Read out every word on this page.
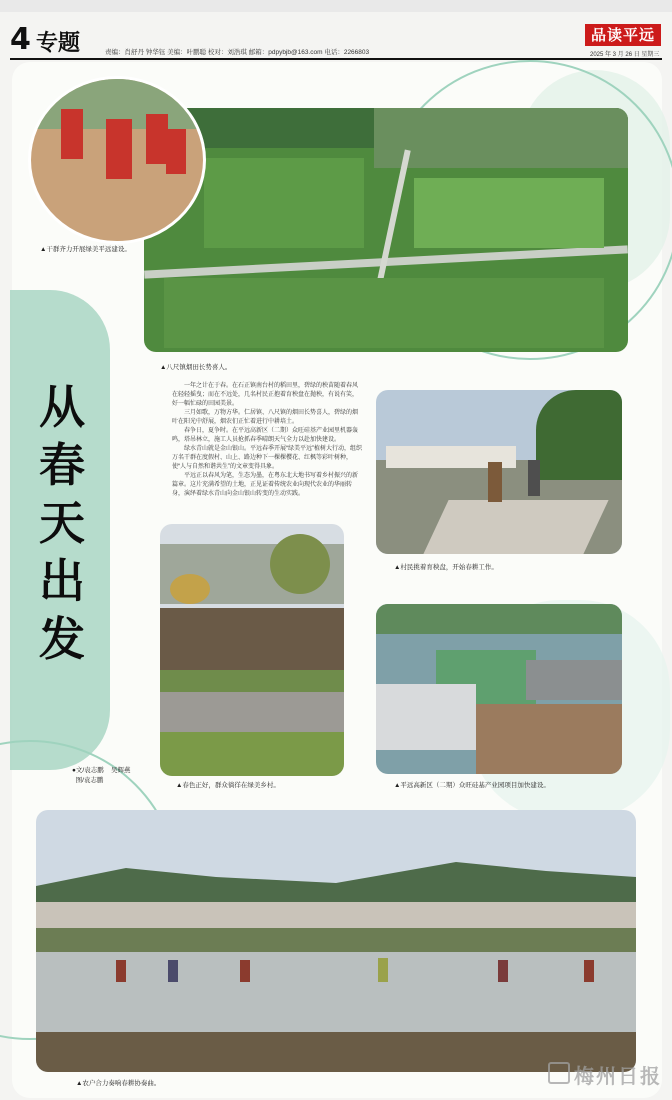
4 专题	责编：肖舒丹 钟华钰 美编：叶鹏聪 校对：刘浩琪 邮箱：pdpybjb@163.com 电话：2266803
品读平远
2025 年 3 月 26 日 星期三
▲干群齐力开展绿美平远建设。
▲八尺镇烟田长势喜人。
从
春
天
出
发

一年之计在于春。在石正镇南台村的稻田里，碧绿的秧苗随着春风在轻轻摇曳；而在不远处，几名村民正抱着育秧盘在抛秧，有说有笑，好一幅忙碌的田园美景。

三月如歌，万物方华。仁居镇、八尺镇的烟田长势喜人，碧绿的烟叶在阳光中舒展，烟农们正忙着进行中耕培土。

春争日，夏争时。在平远高新区（二期）众旺硅基产业园里机器轰鸣，塔吊林立，施工人员抢抓春季晴朗天气全力以赴加快建设。

绿水青山就是金山银山。平远春季开展“绿美平远”植树大行动，组织万名干群在度假村、山上、路边种下一棵棵樱花、红枫等彩叶树种，使“人与自然和谐共生”的文章变得具象。

平远正以春风为笔，生态为墨，在粤东北大地书写着乡村振兴的新篇章。这片充满希望的土地，正见证着传统农业向现代农业的华丽转身，演绎着绿水青山向金山银山转变的生动实践。

▲村民挑着育秧盘，开始春耕工作。
▲春色正好，群众徜徉在绿美乡村。	▲平远高新区（二期）众旺硅基产业园项目加快建设。
●文/袁志鹏    吴辉燕
图/袁志鹏
▲农户合力奏响春耕协奏曲。	梅州日报
